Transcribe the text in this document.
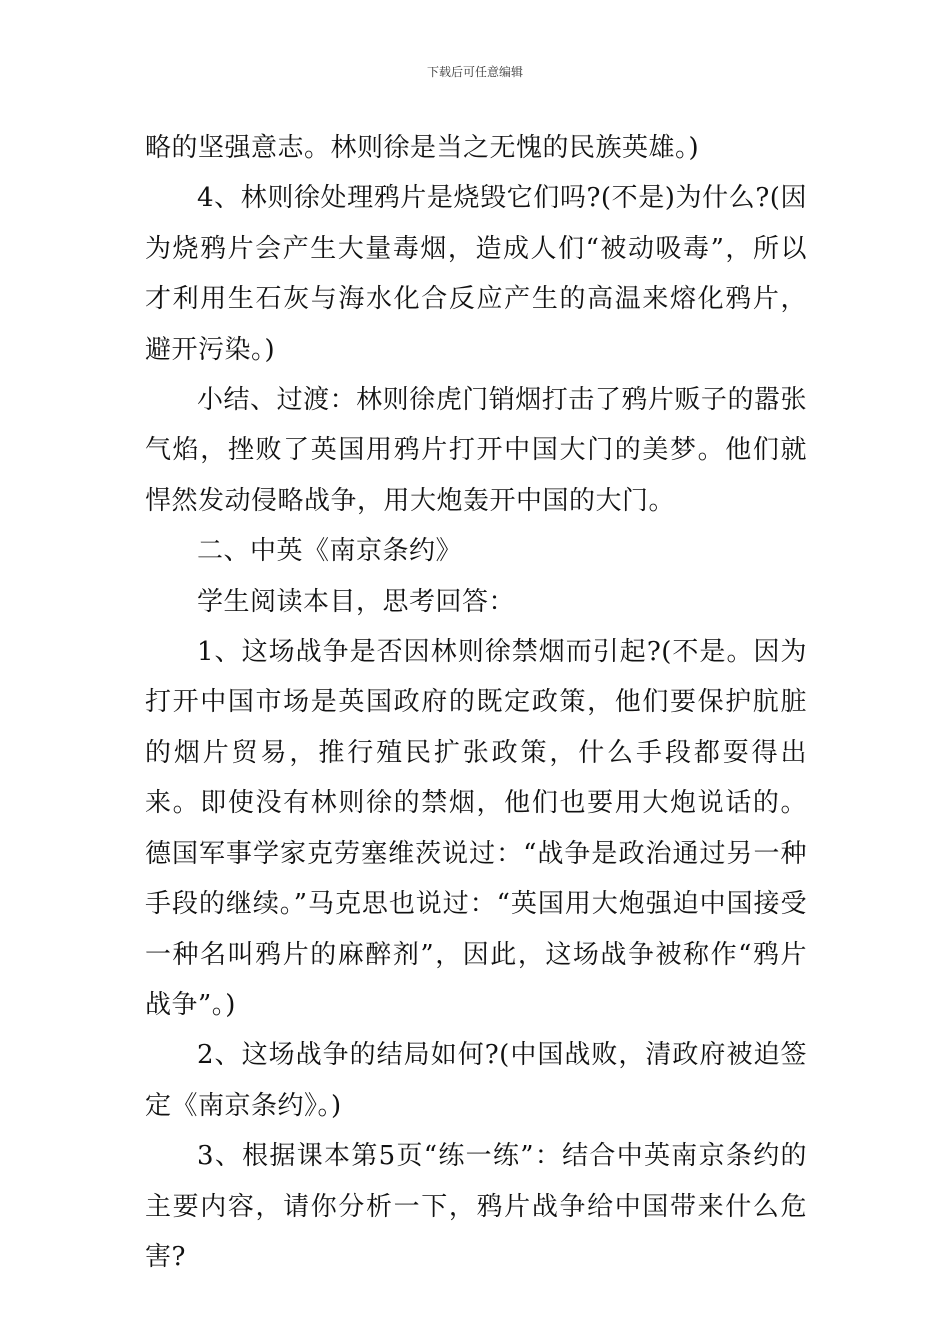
下载后可任意编辑

略的坚强意志。林则徐是当之无愧的民族英雄。)

4、林则徐处理鸦片是烧毁它们吗?(不是)为什么?(因为烧鸦片会产生大量毒烟，造成人们“被动吸毒”，所以才利用生石灰与海水化合反应产生的高温来熔化鸦片，避开污染。)

小结、过渡：林则徐虎门销烟打击了鸦片贩子的嚣张气焰，挫败了英国用鸦片打开中国大门的美梦。他们就悍然发动侵略战争，用大炮轰开中国的大门。

二、中英《南京条约》

学生阅读本目，思考回答：

1、这场战争是否因林则徐禁烟而引起?(不是。因为打开中国市场是英国政府的既定政策，他们要保护肮脏的烟片贸易，推行殖民扩张政策，什么手段都耍得出来。即使没有林则徐的禁烟，他们也要用大炮说话的。德国军事学家克劳塞维茨说过：“战争是政治通过另一种手段的继续。”马克思也说过：“英国用大炮强迫中国接受一种名叫鸦片的麻醉剂”，因此，这场战争被称作“鸦片战争”。)

2、这场战争的结局如何?(中国战败，清政府被迫签定《南京条约》。)

3、根据课本第5页“练一练”：结合中英南京条约的主要内容，请你分析一下，鸦片战争给中国带来什么危害?
